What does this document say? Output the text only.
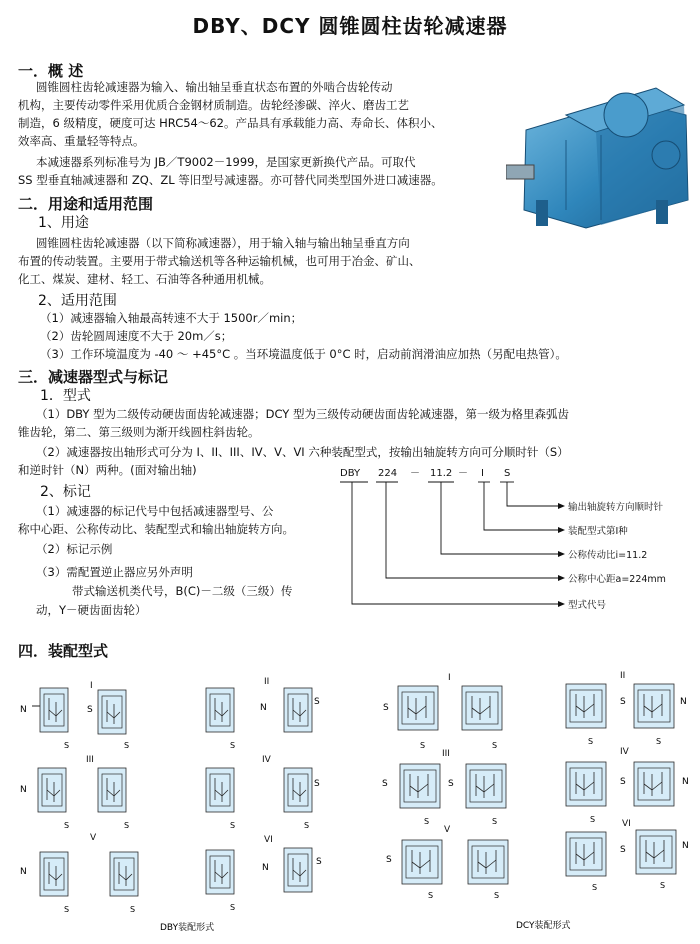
DBY、DCY 圆锥圆柱齿轮减速器
一．概 述
圆锥圆柱齿轮减速器为输入、输出轴呈垂直状态布置的外啮合齿轮传动
机构，主要传动零件采用优质合金钢材质制造。齿轮经渗碳、淬火、磨齿工艺
制造，6 级精度，硬度可达 HRC54～62。产品具有承载能力高、寿命长、体积小、
效率高、重量轻等特点。
本减速器系列标准号为 JB／T9002－1999，是国家更新换代产品。可取代
SS 型垂直轴减速器和 ZQ、ZL 等旧型号减速器。亦可替代同类型国外进口减速器。
二．用途和适用范围
1、用途
圆锥圆柱齿轮减速器（以下简称减速器），用于输入轴与输出轴呈垂直方向
布置的传动装置。主要用于带式输送机等各种运输机械，也可用于冶金、矿山、
化工、煤炭、建材、轻工、石油等各种通用机械。
2、适用范围
（1）减速器输入轴最高转速不大于 1500r／min；
（2）齿轮圆周速度不大于 20m／s；
（3）工作环境温度为 -40 ～ +45°C 。当环境温度低于 0°C 时，启动前润滑油应加热（另配电热管）。
三．减速器型式与标记
1．型式
（1）DBY 型为二级传动硬齿面齿轮减速器；DCY 型为三级传动硬齿面齿轮减速器，第一级为格里森弧齿
锥齿轮，第二、第三级则为渐开线圆柱斜齿轮。
（2）减速器按出轴形式可分为 I、II、III、IV、V、VI 六种装配型式，按输出轴旋转方向可分顺时针（S）
和逆时针（N）两种。(面对输出轴)
2、标记
（1）减速器的标记代号中包括减速器型号、公
称中心距、公称传动比、装配型式和输出轴旋转方向。
（2）标记示例
（3）需配置逆止器应另外声明
带式输送机类代号，B(C)－二级（三级）传
动，Y－硬齿面齿轮）
DBY 224 － 11.2 － I S
输出轴旋转方向顺时针
装配型式第I种
公称传动比i=11.2
公称中心距a=224mm
型式代号
四．装配型式
I	II
III	IV
V	VI
I	II
III	IV
V
VI
N	S
S	S
N
S
S
N
S	S
S
S	S
N
S	S
N
S
S
DBY装配形式
S
S	S
S	N
S	S
S	S
S	S
S	N
S
S
S	S
S	N
S	S
DCY装配形式
